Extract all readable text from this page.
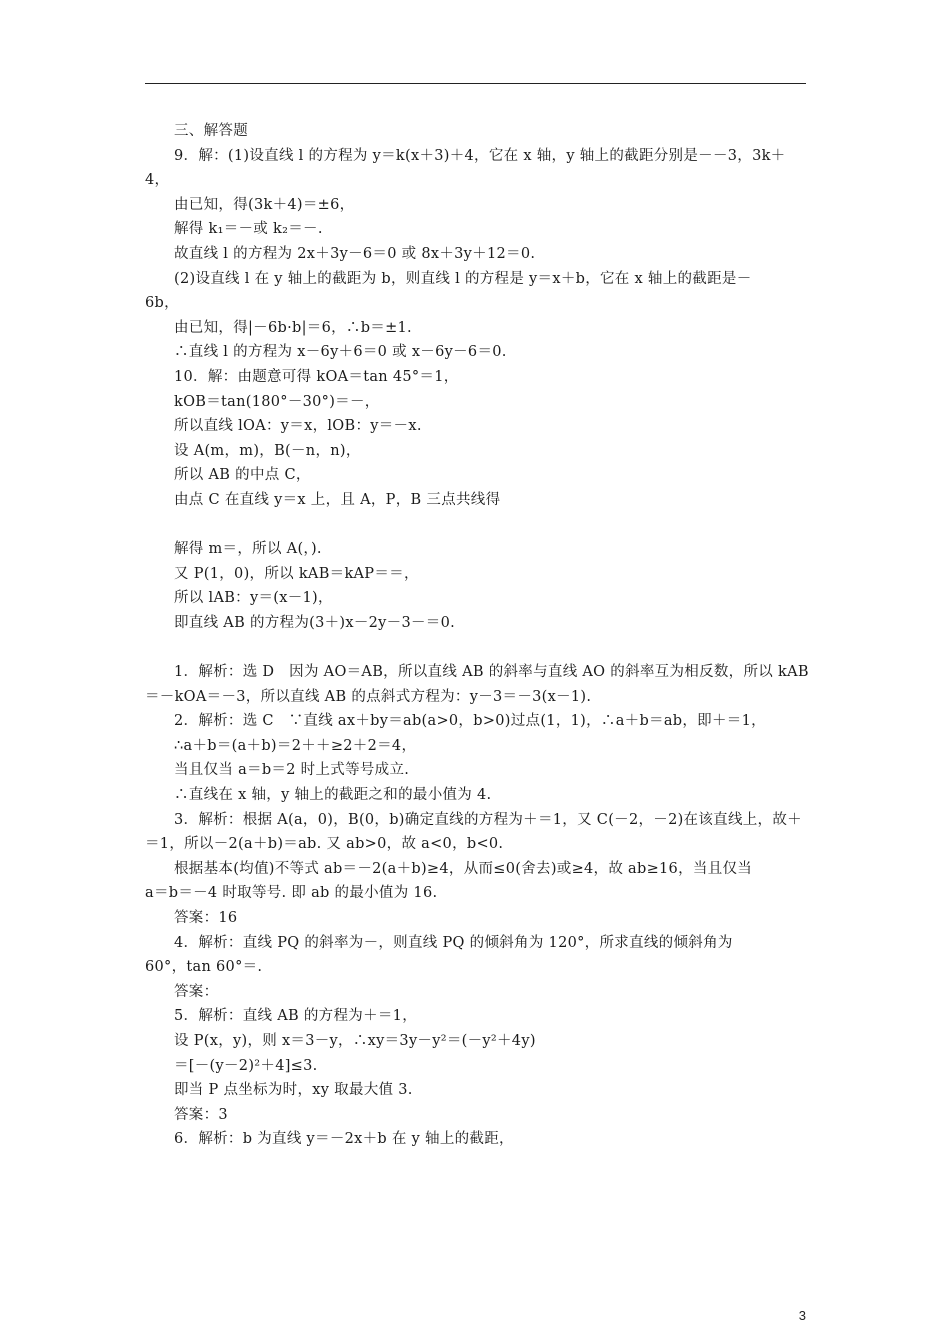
三、解答题
9．解：(1)设直线 l 的方程为 y＝k(x＋3)＋4，它在 x 轴，y 轴上的截距分别是－－3，3k＋
4，
由已知，得(3k＋4)＝±6，
解得 k₁＝－或 k₂＝－.
故直线 l 的方程为 2x＋3y－6＝0 或 8x＋3y＋12＝0.
(2)设直线 l 在 y 轴上的截距为 b，则直线 l 的方程是 y＝x＋b，它在 x 轴上的截距是－
6b，
由已知，得|－6b·b|＝6，∴b＝±1.
∴直线 l 的方程为 x－6y＋6＝0 或 x－6y－6＝0.
10．解：由题意可得 kOA＝tan 45°＝1，
kOB＝tan(180°－30°)＝－，
所以直线 lOA：y＝x，lOB：y＝－x.
设 A(m，m)，B(－n，n)，
所以 AB 的中点 C，
由点 C 在直线 y＝x 上，且 A，P，B 三点共线得
解得 m＝，所以 A(，).
又 P(1，0)，所以 kAB＝kAP＝＝，
所以 lAB：y＝(x－1)，
即直线 AB 的方程为(3＋)x－2y－3－＝0.
1．解析：选 D　因为 AO＝AB，所以直线 AB 的斜率与直线 AO 的斜率互为相反数，所以 kAB
＝－kOA＝－3，所以直线 AB 的点斜式方程为：y－3＝－3(x－1).
2．解析：选 C　∵直线 ax＋by＝ab(a>0，b>0)过点(1，1)，∴a＋b＝ab，即＋＝1，
∴a＋b＝(a＋b)＝2＋＋≥2＋2＝4，
当且仅当 a＝b＝2 时上式等号成立.
∴直线在 x 轴，y 轴上的截距之和的最小值为 4.
3．解析：根据 A(a，0)，B(0，b)确定直线的方程为＋＝1，又 C(－2，－2)在该直线上，故＋
＝1，所以－2(a＋b)＝ab. 又 ab>0，故 a<0，b<0.
根据基本(均值)不等式 ab＝－2(a＋b)≥4，从而≤0(舍去)或≥4，故 ab≥16，当且仅当
a＝b＝－4 时取等号. 即 ab 的最小值为 16.
答案：16
4．解析：直线 PQ 的斜率为－，则直线 PQ 的倾斜角为 120°，所求直线的倾斜角为
60°，tan 60°＝.
答案：
5．解析：直线 AB 的方程为＋＝1，
设 P(x，y)，则 x＝3－y，∴xy＝3y－y²＝(－y²＋4y)
＝[－(y－2)²＋4]≤3.
即当 P 点坐标为时，xy 取最大值 3.
答案：3
6．解析：b 为直线 y＝－2x＋b 在 y 轴上的截距，
3
